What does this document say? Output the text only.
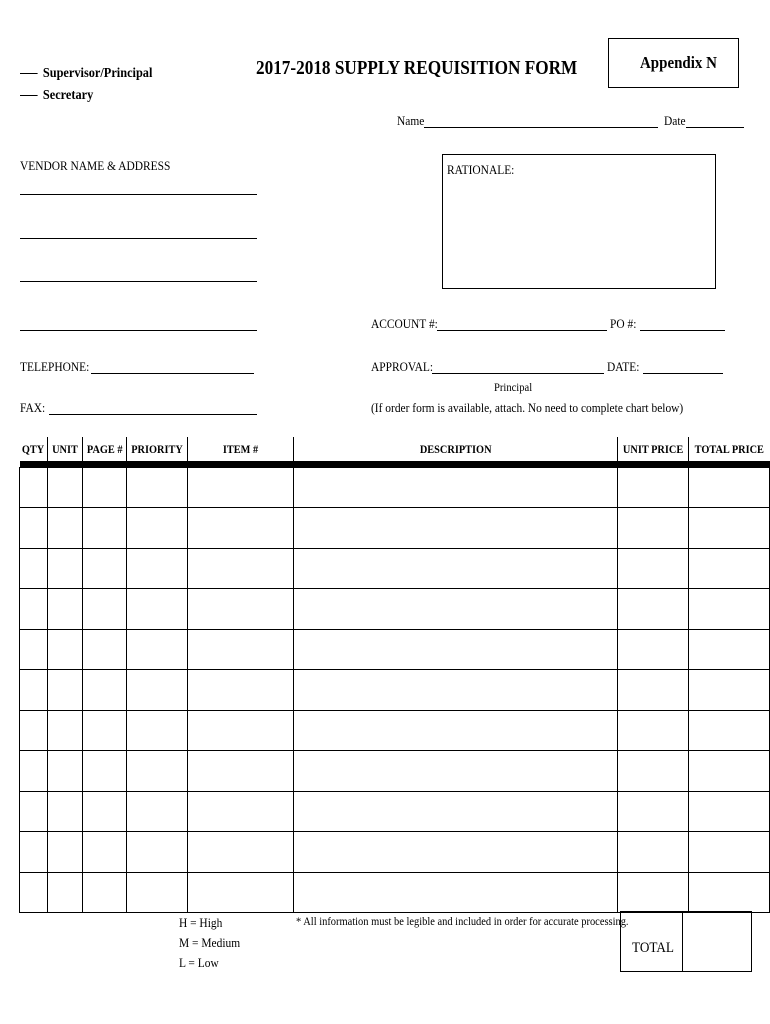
Supervisor/Principal
Secretary
2017-2018 SUPPLY REQUISITION FORM	Appendix N
Name	Date
VENDOR NAME & ADDRESS	RATIONALE:
ACCOUNT #:	PO #:
TELEPHONE:	APPROVAL:	DATE:
Principal
FAX:	(If order form is available, attach. No need to complete chart below)
QTY	UNIT	PAGE #	PRIORITY	ITEM #	DESCRIPTION	UNIT PRICE	TOTAL PRICE

H = High
M = Medium
L = Low
* All information must be legible and included in order for accurate processing.
TOTAL
